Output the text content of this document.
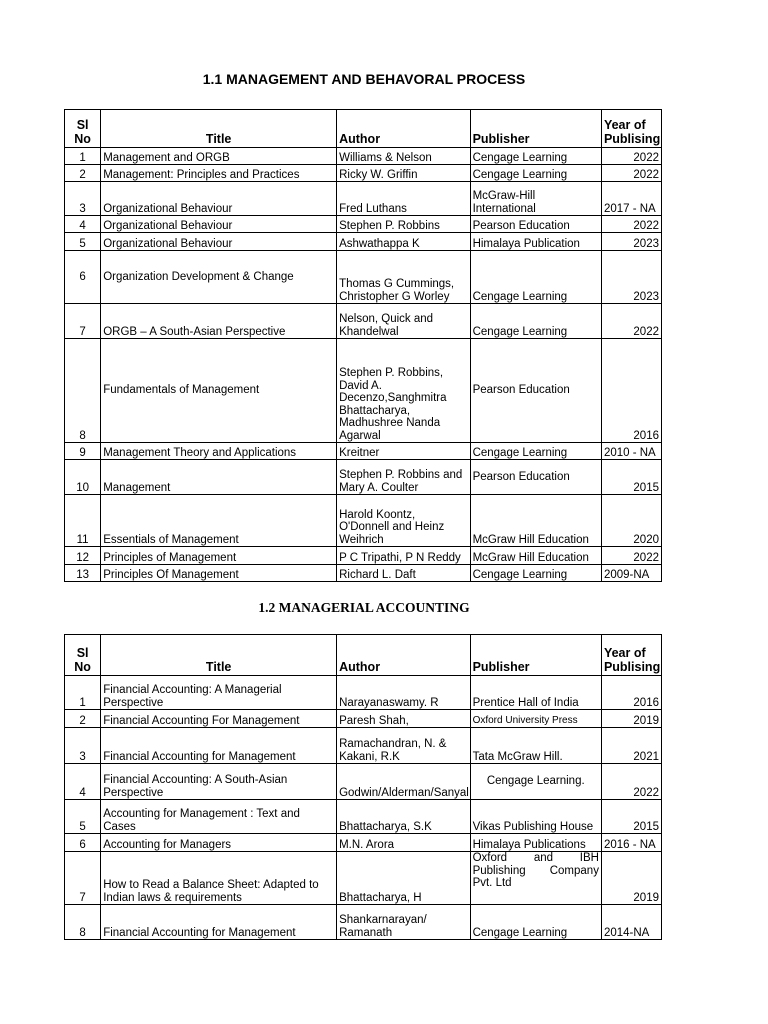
1.1 MANAGEMENT AND BEHAVORAL PROCESS
Sl No	Title	Author	Publisher	Year of
Publising
1	Management and ORGB	Williams & Nelson	Cengage Learning	2022
2	Management: Principles and Practices	Ricky W. Griffin	Cengage Learning	2022
3	Organizational Behaviour	Fred Luthans	McGraw-Hill International	2017 - NA
4	Organizational Behaviour	Stephen P. Robbins	Pearson Education	2022
5	Organizational Behaviour	Ashwathappa K	Himalaya Publication	2023
6	Organization Development & Change	Thomas G Cummings, Christopher G Worley	Cengage Learning	2023
7	ORGB – A South-Asian Perspective	Nelson, Quick and Khandelwal	Cengage Learning	2022
8	Fundamentals of Management	Stephen P. Robbins, David A. Decenzo,Sanghmitra Bhattacharya, Madhushree Nanda Agarwal	Pearson Education	2016
9	Management Theory and Applications	Kreitner	Cengage Learning	2010 - NA
10	Management	Stephen P. Robbins and Mary A. Coulter	Pearson Education	2015
11	Essentials of Management	Harold Koontz, O'Donnell and Heinz Weihrich	McGraw Hill Education	2020
12	Principles of Management	P C Tripathi, P N Reddy	McGraw Hill Education	2022
13	Principles Of Management	Richard L. Daft	Cengage Learning	2009-NA
1.2 MANAGERIAL ACCOUNTING
Sl No	Title	Author	Publisher	Year of
Publising
1	Financial Accounting: A Managerial Perspective	Narayanaswamy. R	Prentice Hall of India	2016
2	Financial Accounting For Management	Paresh Shah,	Oxford University Press	2019
3	Financial Accounting for Management	Ramachandran, N. & Kakani, R.K	Tata McGraw Hill.	2021
4	Financial Accounting: A South-Asian Perspective	Godwin/Alderman/Sanyal	Cengage Learning.	2022
5	Accounting for Management : Text and Cases	Bhattacharya, S.K	Vikas Publishing House	2015
6	Accounting for Managers	M.N. Arora	Himalaya Publications	2016 - NA
7	How to Read a Balance Sheet: Adapted to Indian laws & requirements	Bhattacharya, H	Oxford and IBH Publishing Company Pvt. Ltd	2019
8	Financial Accounting for Management	Shankarnarayan/ Ramanath	Cengage Learning	2014-NA
